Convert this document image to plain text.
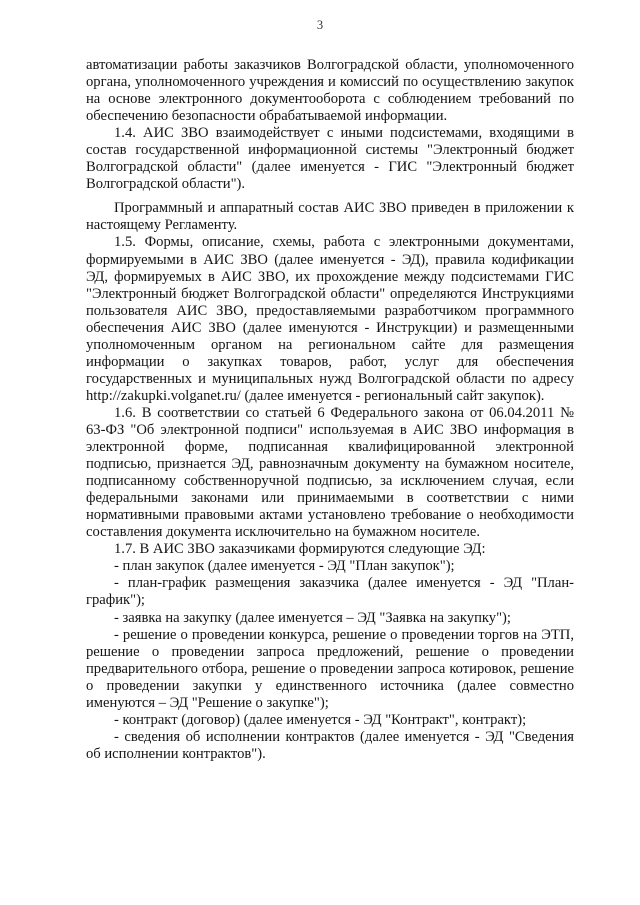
3

автоматизации работы заказчиков Волгоградской области, уполномоченного органа, уполномоченного учреждения и комиссий по осуществлению закупок на основе электронного документооборота с соблюдением требований по обеспечению безопасности обрабатываемой информации.

1.4. АИС ЗВО взаимодействует с иными подсистемами, входящими в состав государственной информационной системы "Электронный бюджет Волгоградской области" (далее именуется - ГИС "Электронный бюджет Волгоградской области").

Программный и аппаратный состав АИС ЗВО приведен в приложении к настоящему Регламенту.

1.5. Формы, описание, схемы, работа с электронными документами, формируемыми в АИС ЗВО (далее именуется - ЭД), правила кодификации ЭД, формируемых в АИС ЗВО, их прохождение между подсистемами ГИС "Электронный бюджет Волгоградской области" определяются Инструкциями пользователя АИС ЗВО, предоставляемыми разработчиком программного обеспечения АИС ЗВО (далее именуются - Инструкции) и размещенными уполномоченным органом на региональном сайте для размещения информации о закупках товаров, работ, услуг для обеспечения государственных и муниципальных нужд Волгоградской области по адресу http://zakupki.volganet.ru/ (далее именуется - региональный сайт закупок).

1.6. В соответствии со статьей 6 Федерального закона от 06.04.2011 № 63-ФЗ "Об электронной подписи" используемая в АИС ЗВО информация в электронной форме, подписанная квалифицированной электронной подписью, признается ЭД, равнозначным документу на бумажном носителе, подписанному собственноручной подписью, за исключением случая, если федеральными законами или принимаемыми в соответствии с ними нормативными правовыми актами установлено требование о необходимости составления документа исключительно на бумажном носителе.

1.7. В АИС ЗВО заказчиками формируются следующие ЭД:

- план закупок (далее именуется - ЭД "План закупок");

- план-график размещения заказчика (далее именуется - ЭД "План-график");

- заявка на закупку (далее именуется – ЭД "Заявка на закупку");

- решение о проведении конкурса, решение о проведении торгов на ЭТП, решение о проведении запроса предложений, решение о проведении предварительного отбора, решение о проведении запроса котировок, решение о проведении закупки у единственного источника (далее совместно именуются – ЭД "Решение о закупке");

- контракт (договор) (далее именуется - ЭД "Контракт", контракт);

- сведения об исполнении контрактов (далее именуется - ЭД "Сведения об исполнении контрактов").
